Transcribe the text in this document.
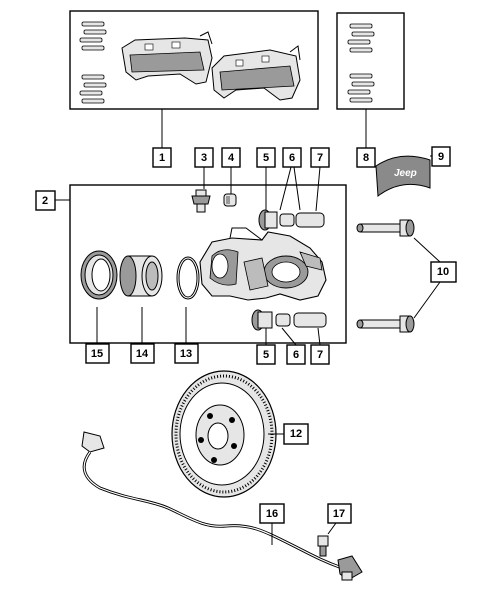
Jeep
1	8	9
3 4	5 6 7
2
10
15	14	13	5 6 7
12
16	17
